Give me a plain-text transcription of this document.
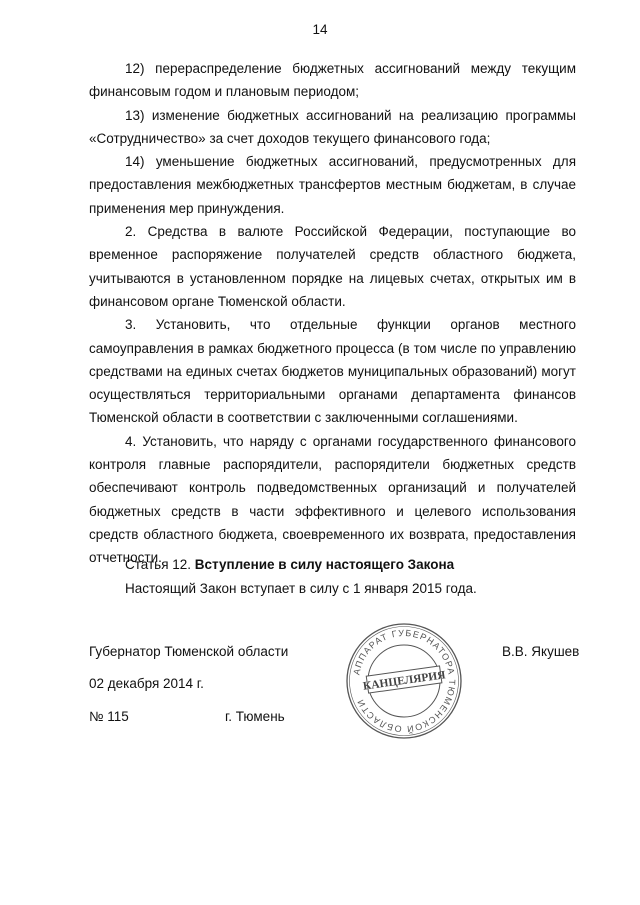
14

12) перераспределение бюджетных ассигнований между текущим финансовым годом и плановым периодом;

13) изменение бюджетных ассигнований на реализацию программы «Сотрудничество» за счет доходов текущего финансового года;

14) уменьшение бюджетных ассигнований, предусмотренных для предоставления межбюджетных трансфертов местным бюджетам, в случае применения мер принуждения.

2. Средства в валюте Российской Федерации, поступающие во временное распоряжение получателей средств областного бюджета, учитываются в установленном порядке на лицевых счетах, открытых им в финансовом органе Тюменской области.

3. Установить, что отдельные функции органов местного самоуправления в рамках бюджетного процесса (в том числе по управлению средствами на единых счетах бюджетов муниципальных образований) могут осуществляться территориальными органами департамента финансов Тюменской области в соответствии с заключенными соглашениями.

4. Установить, что наряду с органами государственного финансового контроля главные распорядители, распорядители бюджетных средств обеспечивают контроль подведомственных организаций и получателей бюджетных средств в части эффективного и целевого использования средств областного бюджета, своевременного их возврата, предоставления отчетности.

Статья 12. Вступление в силу настоящего Закона
Настоящий Закон вступает в силу с 1 января 2015 года.
Губернатор Тюменской области	В.В. Якушев
02 декабря 2014 г.
№ 115	г. Тюмень
АППАРАТ ГУБЕРНАТОРА ТЮМЕНСКОЙ ОБЛАСТИ
КАНЦЕЛЯРИЯ
